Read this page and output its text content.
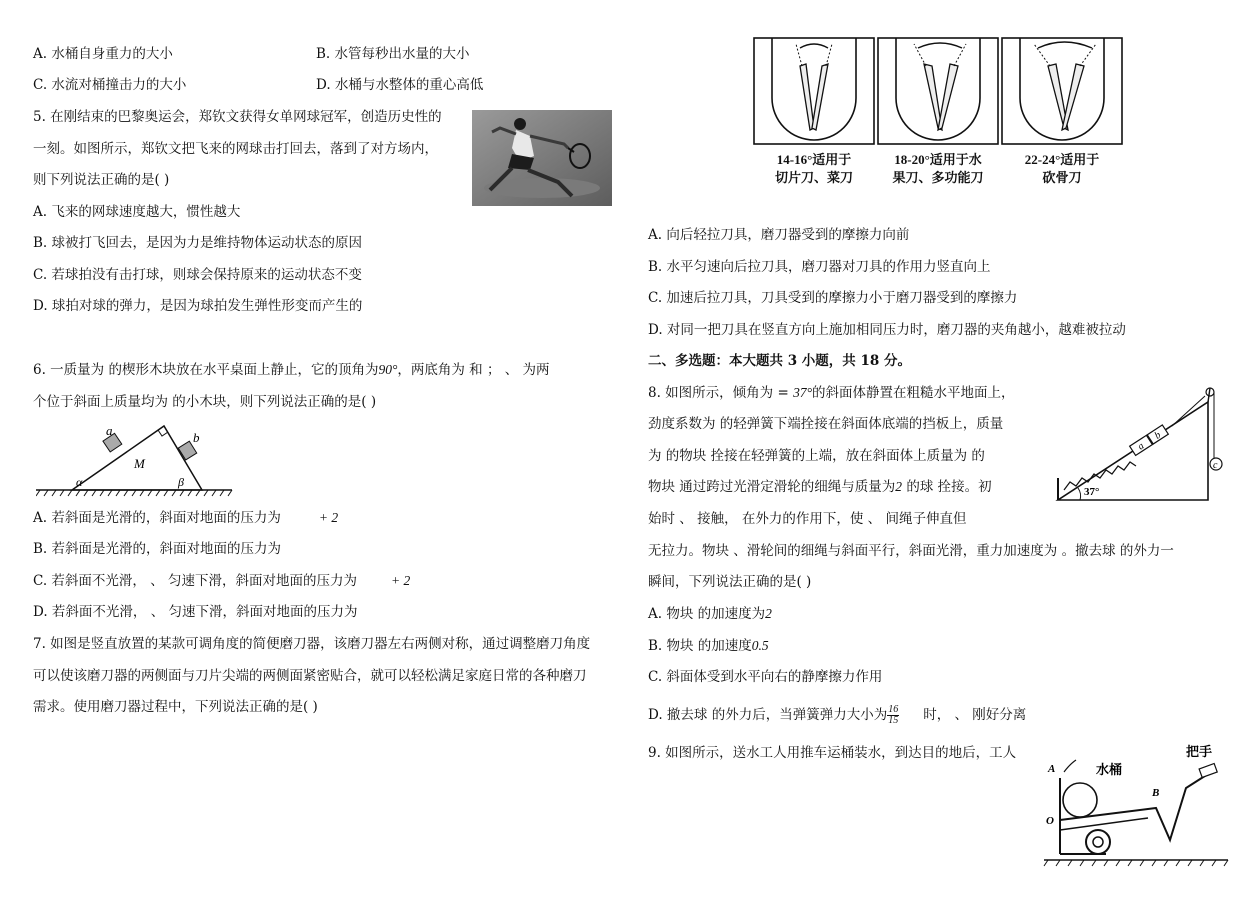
A. 水桶自身重力的大小	B. 水管每秒出水量的大小
C. 水流对桶撞击力的大小	D. 水桶与水整体的重心高低
5. 在刚结束的巴黎奥运会，郑钦文获得女单网球冠军，创造历史性的
一刻。如图所示，郑钦文把飞来的网球击打回去，落到了对方场内，
则下列说法正确的是( )
A. 飞来的网球速度越大，惯性越大
B. 球被打飞回去，是因为力是维持物体运动状态的原因
C. 若球拍没有击打球，则球会保持原来的运动状态不变
D. 球拍对球的弹力，是因为球拍发生弹性形变而产生的
6. 一质量为 的楔形木块放在水平桌面上静止，它的顶角为90°，两底角为 和 ； 、 为两
个位于斜面上质量均为 的小木块，则下列说法正确的是( )
a	b
M
α	β
A. 若斜面是光滑的，斜面对地面的压力为	+ 2
B. 若斜面是光滑的，斜面对地面的压力为
C. 若斜面不光滑， 、 匀速下滑，斜面对地面的压力为	+ 2
D. 若斜面不光滑， 、 匀速下滑，斜面对地面的压力为
7. 如图是竖直放置的某款可调角度的简便磨刀器，该磨刀器左右两侧对称，通过调整磨刀角度
可以使该磨刀器的两侧面与刀片尖端的两侧面紧密贴合，就可以轻松满足家庭日常的各种磨刀
需求。使用磨刀器过程中，下列说法正确的是( )
14-16°适用于
切片刀、菜刀
18-20°适用于水
果刀、多功能刀
22-24°适用于
砍骨刀
A. 向后轻拉刀具，磨刀器受到的摩擦力向前
B. 水平匀速向后拉刀具，磨刀器对刀具的作用力竖直向上
C. 加速后拉刀具，刀具受到的摩擦力小于磨刀器受到的摩擦力
D. 对同一把刀具在竖直方向上施加相同压力时，磨刀器的夹角越小，越难被拉动
二、多选题：本大题共 3 小题，共 18 分。
8. 如图所示，倾角为 = 37°的斜面体静置在粗糙水平地面上，
劲度系数为 的轻弹簧下端拴接在斜面体底端的挡板上，质量
为 的物块 拴接在轻弹簧的上端，放在斜面体上质量为 的
物块 通过跨过光滑定滑轮的细绳与质量为2 的球 拴接。初
始时 、 接触， 在外力的作用下，使 、 间绳子伸直但
无拉力。物块 、滑轮间的细绳与斜面平行，斜面光滑，重力加速度为 。撤去球 的外力一
瞬间，下列说法正确的是( )
a
b
c
37°
A. 物块 的加速度为2
B. 物块 的加速度0.5
C. 斜面体受到水平向右的静摩擦力作用
D. 撤去球 的外力后，当弹簧弹力大小为 $\frac{16}{15}$ 时， 、 刚好分离
9. 如图所示，送水工人用推车运桶装水，到达目的地后，工人
A
O
B
水桶
把手
